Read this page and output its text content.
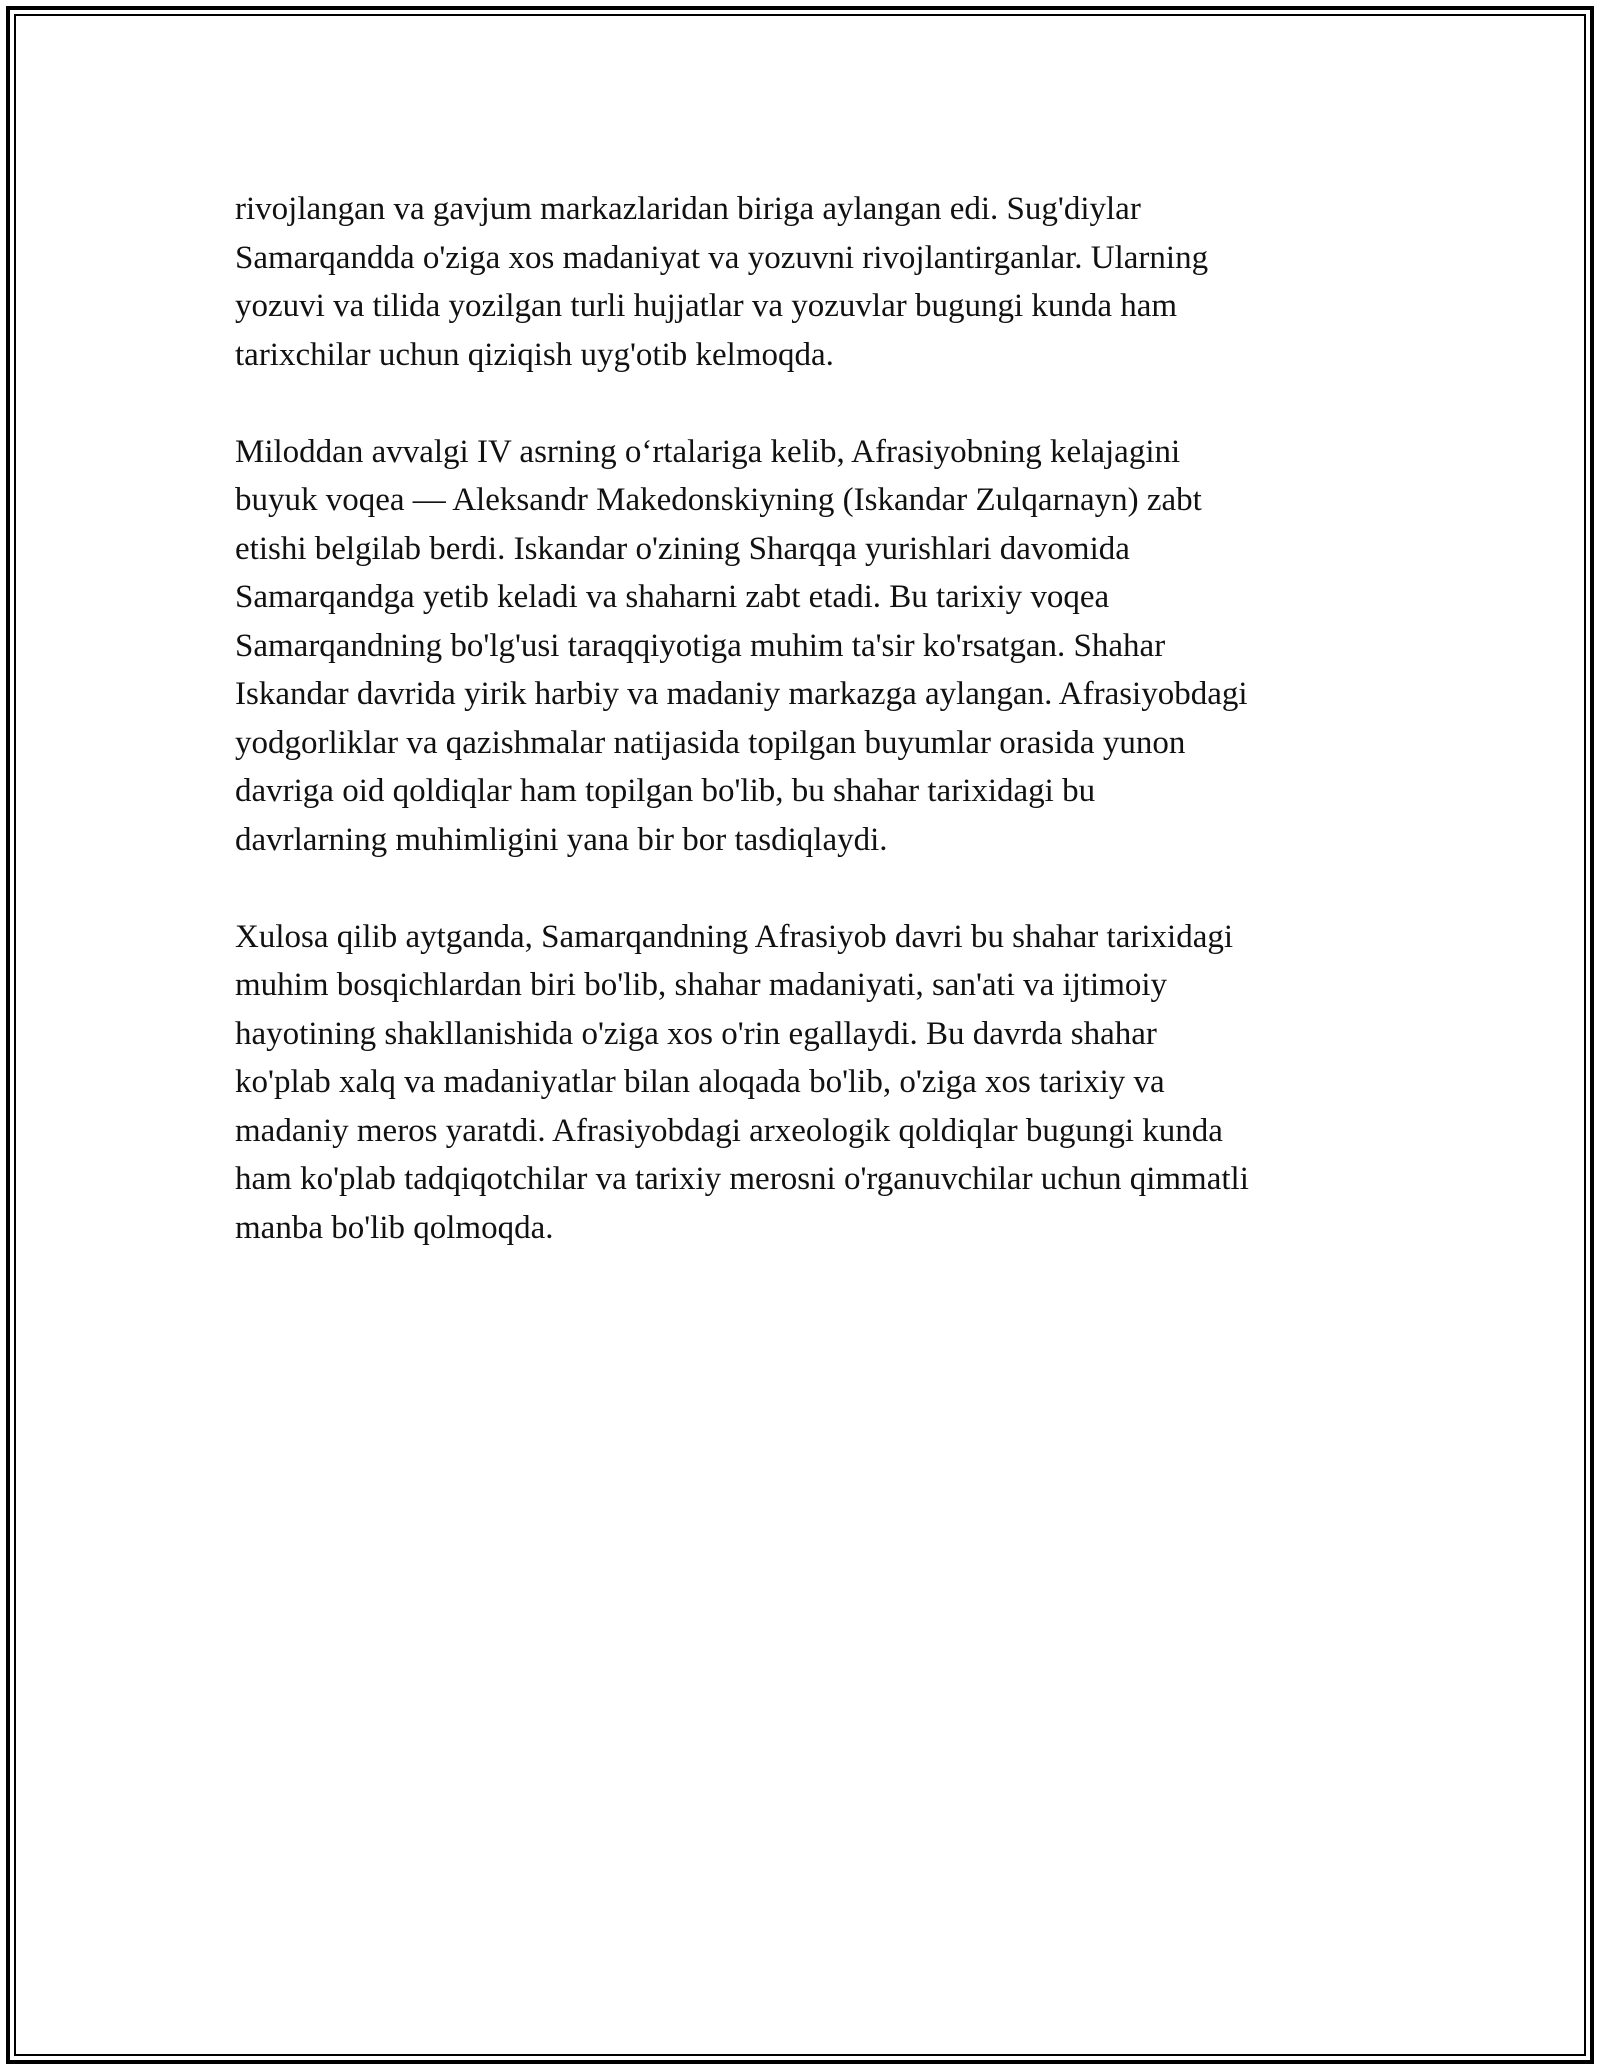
rivojlangan va gavjum markazlaridan biriga aylangan edi. Sug'diylar
Samarqandda o'ziga xos madaniyat va yozuvni rivojlantirganlar. Ularning
yozuvi va tilida yozilgan turli hujjatlar va yozuvlar bugungi kunda ham
tarixchilar uchun qiziqish uyg'otib kelmoqda.

Miloddan avvalgi IV asrning o‘rtalariga kelib, Afrasiyobning kelajagini
buyuk voqea — Aleksandr Makedonskiyning (Iskandar Zulqarnayn) zabt
etishi belgilab berdi. Iskandar o'zining Sharqqa yurishlari davomida
Samarqandga yetib keladi va shaharni zabt etadi. Bu tarixiy voqea
Samarqandning bo'lg'usi taraqqiyotiga muhim ta'sir ko'rsatgan. Shahar
Iskandar davrida yirik harbiy va madaniy markazga aylangan. Afrasiyobdagi
yodgorliklar va qazishmalar natijasida topilgan buyumlar orasida yunon
davriga oid qoldiqlar ham topilgan bo'lib, bu shahar tarixidagi bu
davrlarning muhimligini yana bir bor tasdiqlaydi.

Xulosa qilib aytganda, Samarqandning Afrasiyob davri bu shahar tarixidagi
muhim bosqichlardan biri bo'lib, shahar madaniyati, san'ati va ijtimoiy
hayotining shakllanishida o'ziga xos o'rin egallaydi. Bu davrda shahar
ko'plab xalq va madaniyatlar bilan aloqada bo'lib, o'ziga xos tarixiy va
madaniy meros yaratdi. Afrasiyobdagi arxeologik qoldiqlar bugungi kunda
ham ko'plab tadqiqotchilar va tarixiy merosni o'rganuvchilar uchun qimmatli
manba bo'lib qolmoqda.
